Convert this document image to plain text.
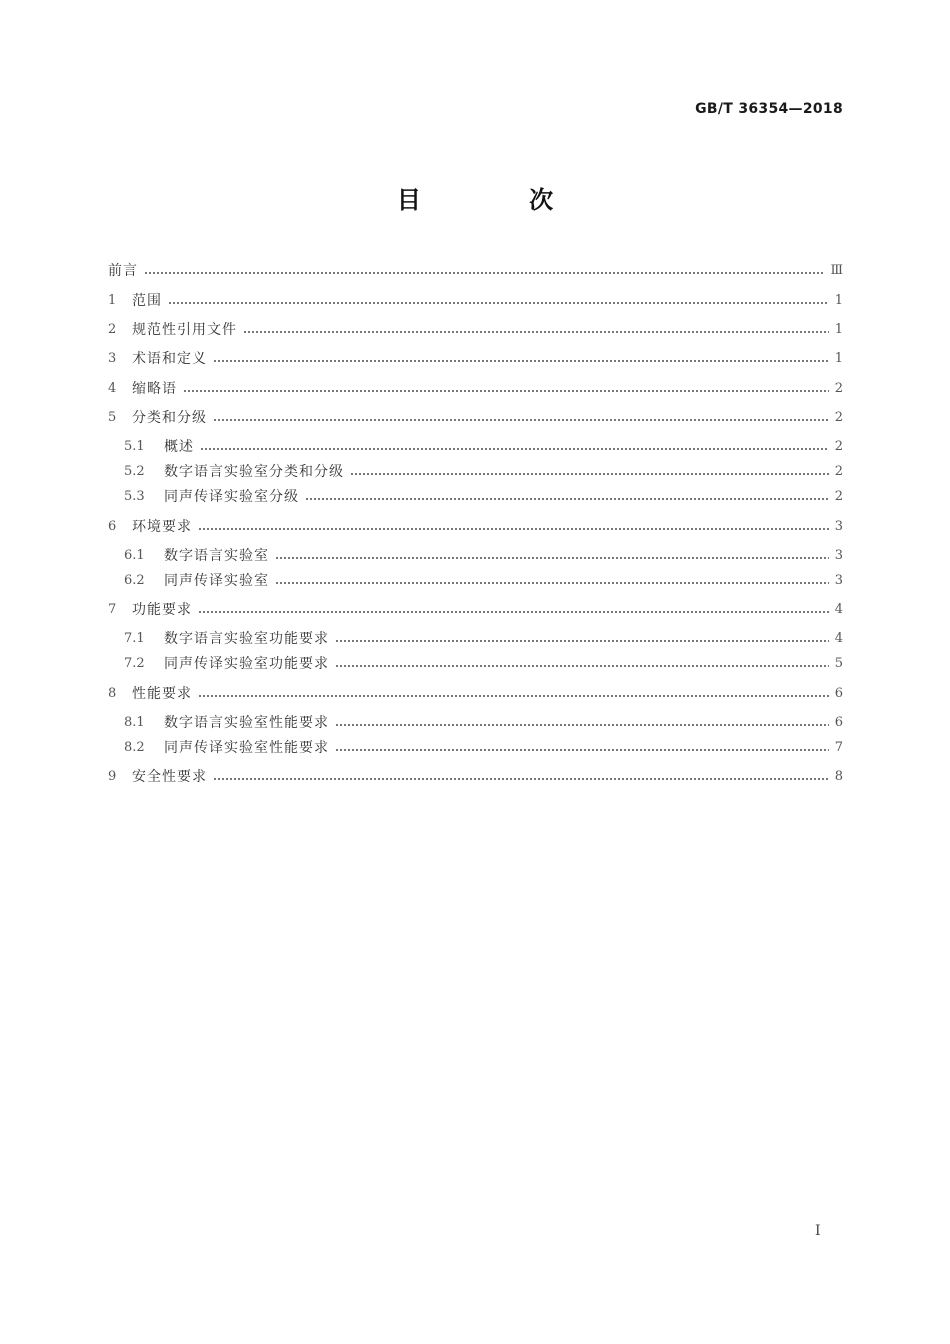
GB/T 36354—2018
目 次
前言	Ⅲ
1	范围	1
2	规范性引用文件	1
3	术语和定义	1
4	缩略语	2
5	分类和分级	2
5.1	概述	2
5.2	数字语言实验室分类和分级	2
5.3	同声传译实验室分级	2
6	环境要求	3
6.1	数字语言实验室	3
6.2	同声传译实验室	3
7	功能要求	4
7.1	数字语言实验室功能要求	4
7.2	同声传译实验室功能要求	5
8	性能要求	6
8.1	数字语言实验室性能要求	6
8.2	同声传译实验室性能要求	7
9	安全性要求	8
Ⅰ
